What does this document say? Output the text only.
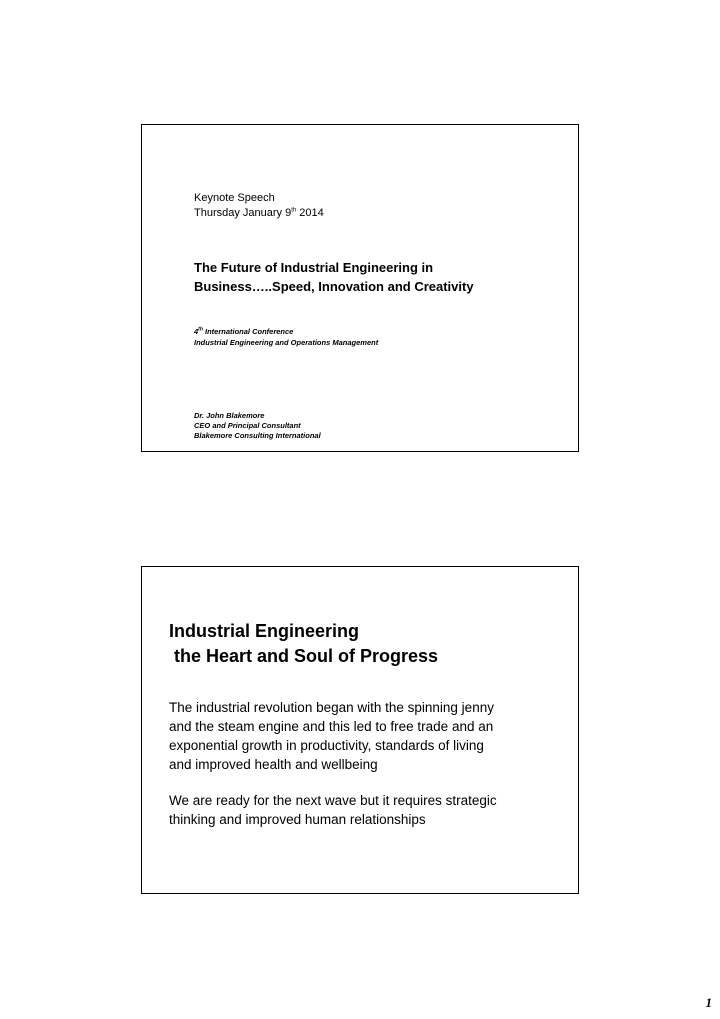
Keynote Speech
Thursday January 9th 2014
The Future of Industrial Engineering in
Business…..Speed, Innovation and Creativity
4th International Conference
Industrial Engineering and Operations Management
Dr. John Blakemore
CEO and Principal Consultant
Blakemore Consulting International
Industrial Engineering
the Heart and Soul of Progress
The industrial revolution began with the spinning jenny
and the steam engine and this led to free trade and an
exponential growth in productivity, standards of living
and improved health and wellbeing
We are ready for the next wave but it requires strategic
thinking and improved human relationships
1
